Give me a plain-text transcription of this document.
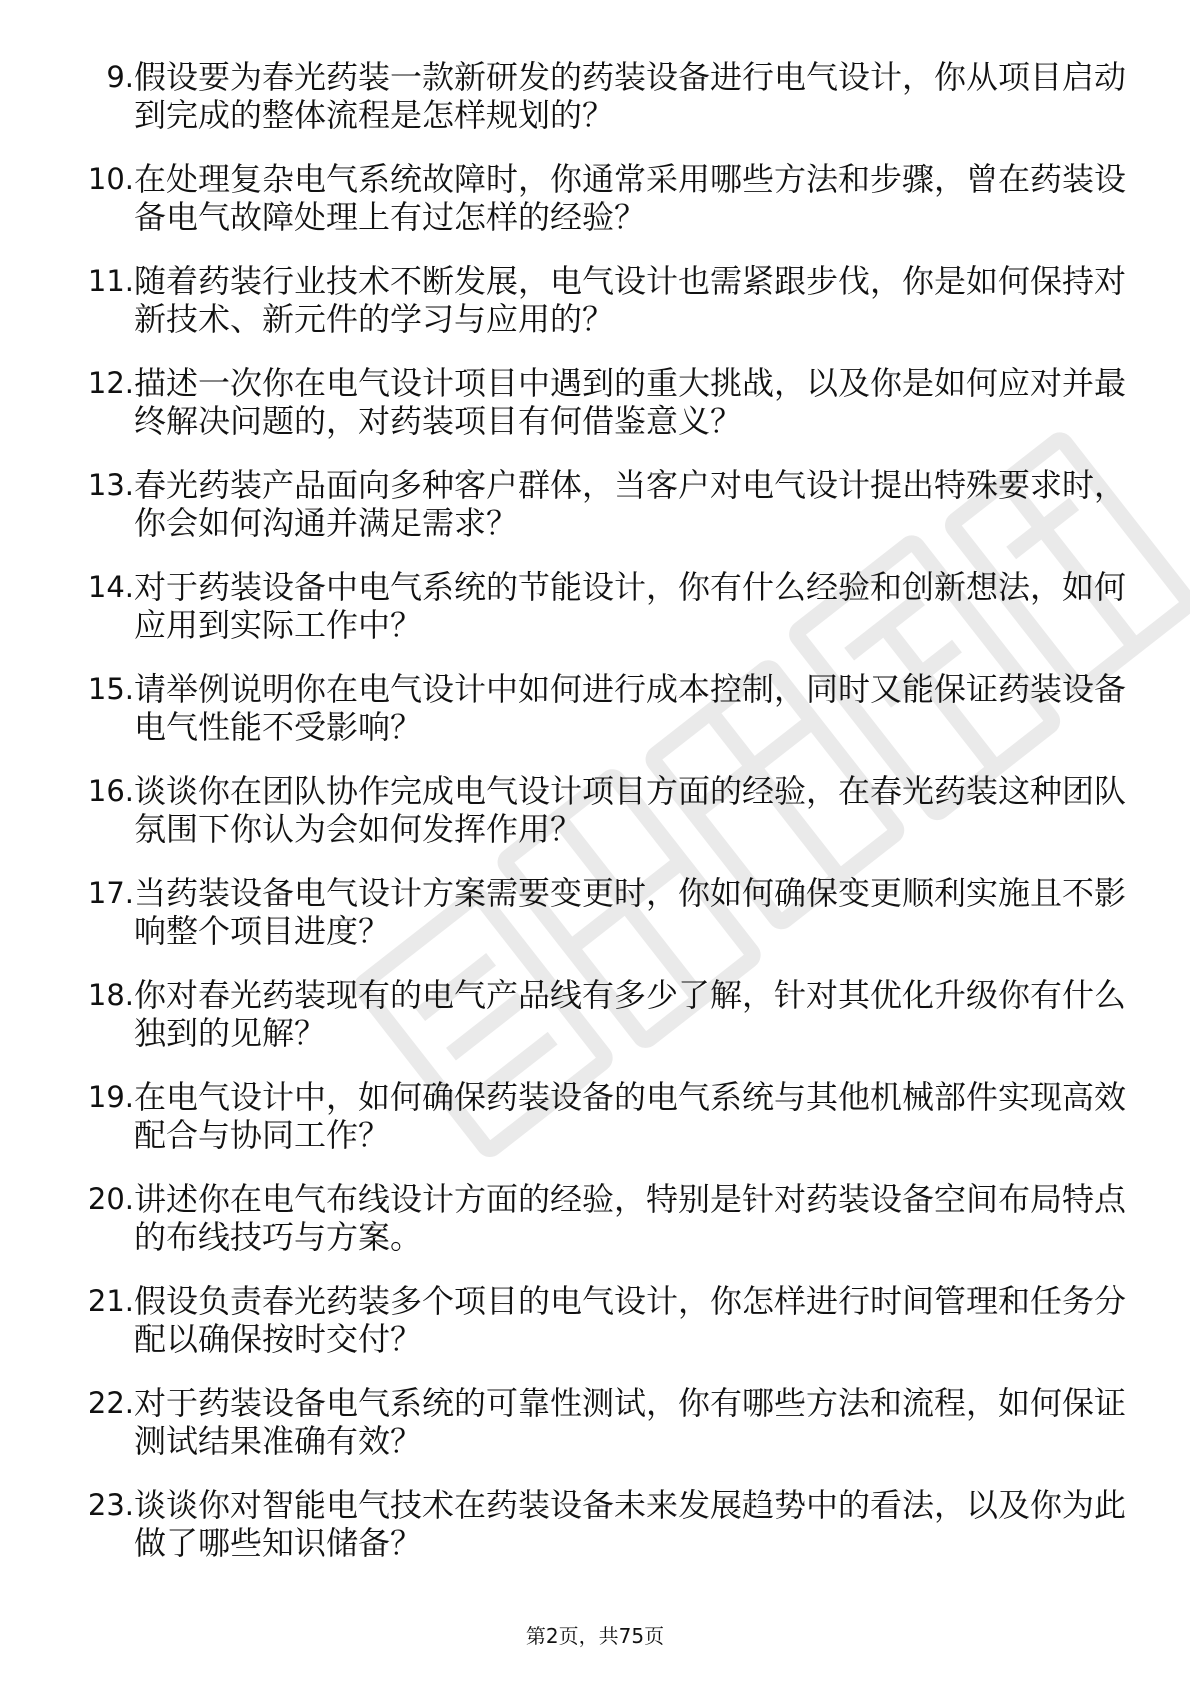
9. 假设要为春光药装一款新研发的药装设备进行电气设计，你从项目启动到完成的整体流程是怎样规划的？

10. 在处理复杂电气系统故障时，你通常采用哪些方法和步骤，曾在药装设备电气故障处理上有过怎样的经验？

11. 随着药装行业技术不断发展，电气设计也需紧跟步伐，你是如何保持对新技术、新元件的学习与应用的？

12. 描述一次你在电气设计项目中遇到的重大挑战，以及你是如何应对并最终解决问题的，对药装项目有何借鉴意义？

13. 春光药装产品面向多种客户群体，当客户对电气设计提出特殊要求时，你会如何沟通并满足需求？

14. 对于药装设备中电气系统的节能设计，你有什么经验和创新想法，如何应用到实际工作中？

15. 请举例说明你在电气设计中如何进行成本控制，同时又能保证药装设备电气性能不受影响？

16. 谈谈你在团队协作完成电气设计项目方面的经验，在春光药装这种团队氛围下你认为会如何发挥作用？

17. 当药装设备电气设计方案需要变更时，你如何确保变更顺利实施且不影响整个项目进度？

18. 你对春光药装现有的电气产品线有多少了解，针对其优化升级你有什么独到的见解？

19. 在电气设计中，如何确保药装设备的电气系统与其他机械部件实现高效配合与协同工作？

20. 讲述你在电气布线设计方面的经验，特别是针对药装设备空间布局特点的布线技巧与方案。

21. 假设负责春光药装多个项目的电气设计，你怎样进行时间管理和任务分配以确保按时交付？

22. 对于药装设备电气系统的可靠性测试，你有哪些方法和流程，如何保证测试结果准确有效？

23. 谈谈你对智能电气技术在药装设备未来发展趋势中的看法，以及你为此做了哪些知识储备？

第2页，共75页
